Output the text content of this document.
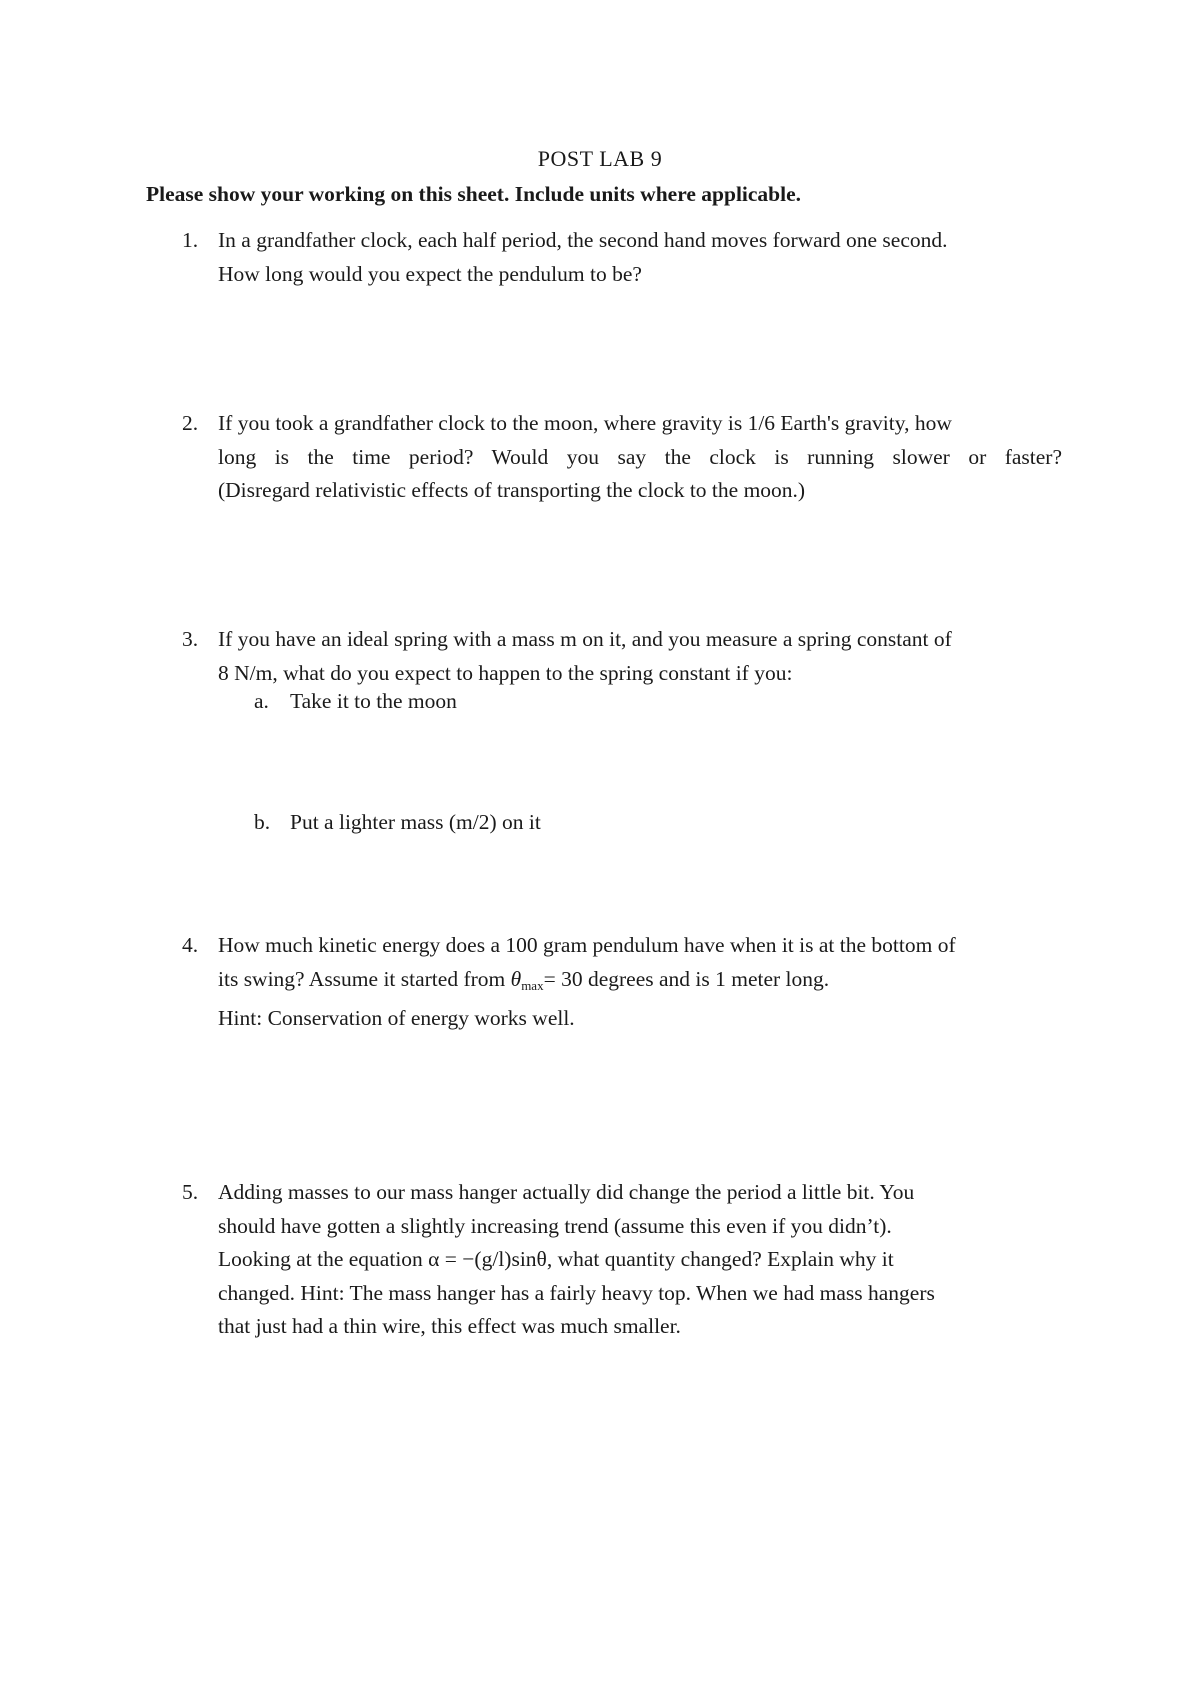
POST LAB 9
Please show your working on this sheet. Include units where applicable.
1. In a grandfather clock, each half period, the second hand moves forward one second.
How long would you expect the pendulum to be?
2. If you took a grandfather clock to the moon, where gravity is 1/6 Earth's gravity, how
long is the time period? Would you say the clock is running slower or faster?
(Disregard relativistic effects of transporting the clock to the moon.)
3. If you have an ideal spring with a mass m on it, and you measure a spring constant of
8 N/m, what do you expect to happen to the spring constant if you:
a. Take it to the moon
b. Put a lighter mass (m/2) on it
4. How much kinetic energy does a 100 gram pendulum have when it is at the bottom of
its swing? Assume it started from $\theta_{max}= 30$ degrees and is 1 meter long.
Hint: Conservation of energy works well.
5. Adding masses to our mass hanger actually did change the period a little bit. You
should have gotten a slightly increasing trend (assume this even if you didn’t).
Looking at the equation α = −(g/l)sinθ, what quantity changed? Explain why it
changed. Hint: The mass hanger has a fairly heavy top. When we had mass hangers
that just had a thin wire, this effect was much smaller.
